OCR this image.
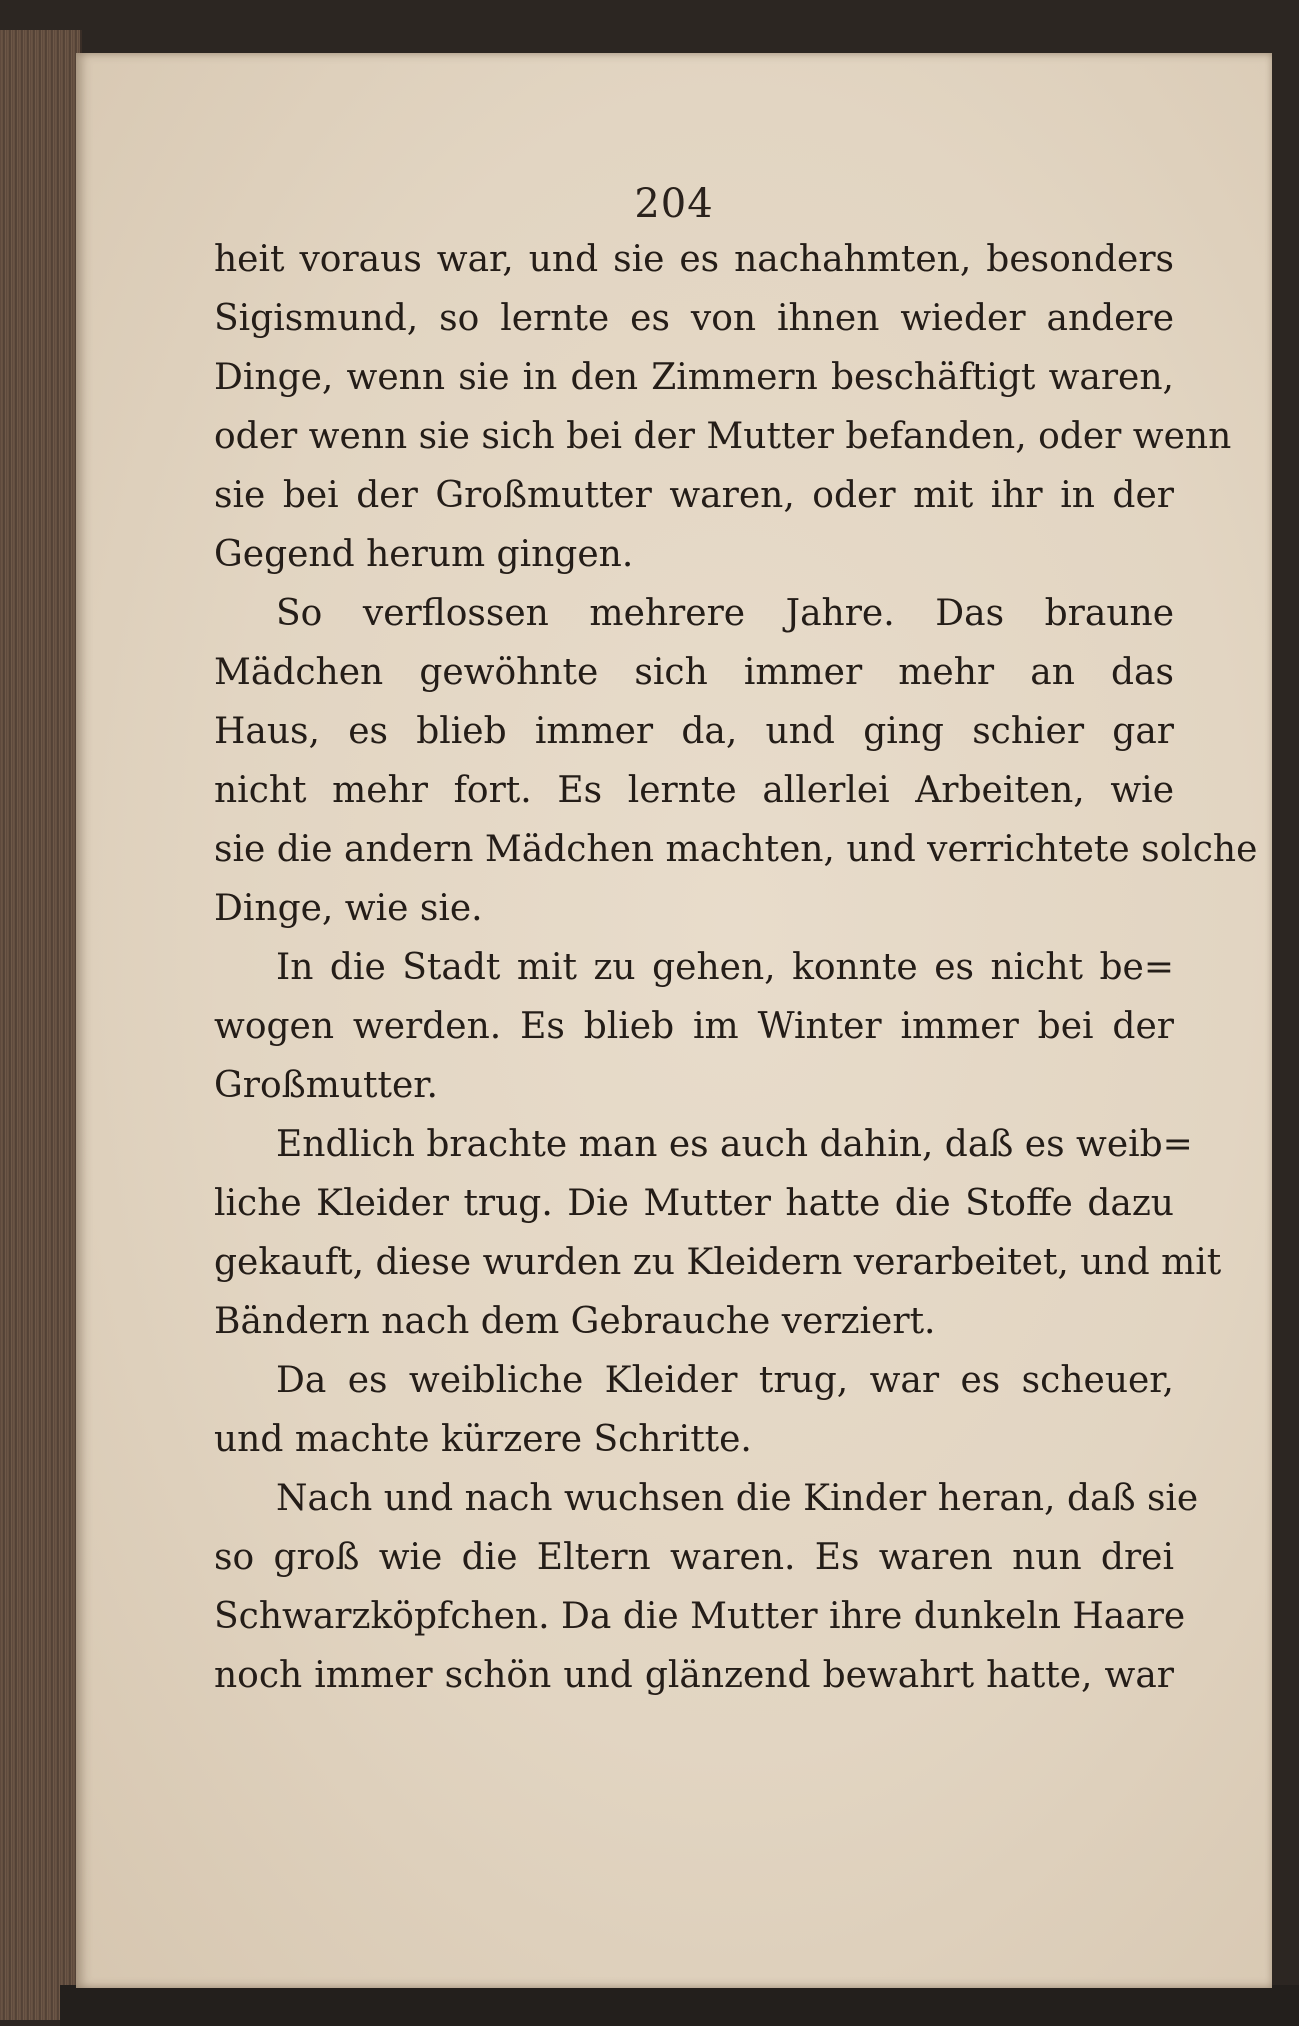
204
heit voraus war, und sie es nachahmten, besonders
Sigismund, so lernte es von ihnen wieder andere
Dinge, wenn sie in den Zimmern beschäftigt waren,
oder wenn sie sich bei der Mutter befanden, oder wenn
sie bei der Großmutter waren, oder mit ihr in der
Gegend herum gingen.
So verflossen mehrere Jahre. Das braune
Mädchen gewöhnte sich immer mehr an das
Haus, es blieb immer da, und ging schier gar
nicht mehr fort. Es lernte allerlei Arbeiten, wie
sie die andern Mädchen machten, und verrichtete solche
Dinge, wie sie.
In die Stadt mit zu gehen, konnte es nicht be=
wogen werden. Es blieb im Winter immer bei der
Großmutter.
Endlich brachte man es auch dahin, daß es weib=
liche Kleider trug. Die Mutter hatte die Stoffe dazu
gekauft, diese wurden zu Kleidern verarbeitet, und mit
Bändern nach dem Gebrauche verziert.
Da es weibliche Kleider trug, war es scheuer,
und machte kürzere Schritte.
Nach und nach wuchsen die Kinder heran, daß sie
so groß wie die Eltern waren. Es waren nun drei
Schwarzköpfchen. Da die Mutter ihre dunkeln Haare
noch immer schön und glänzend bewahrt hatte, war
